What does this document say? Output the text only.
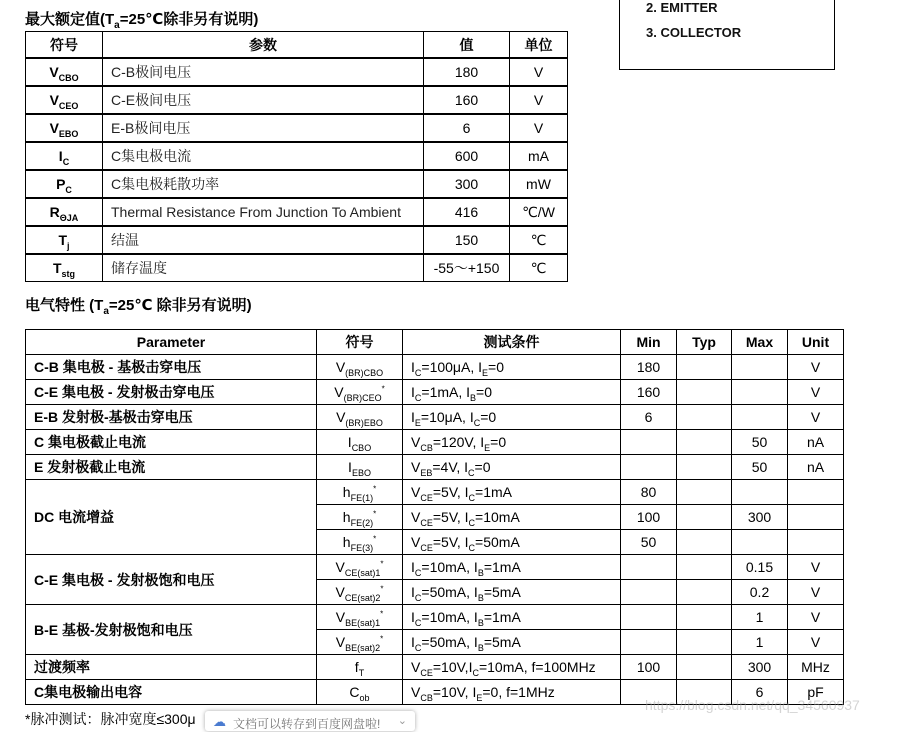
2. EMITTER
3. COLLECTOR
最大额定值($T_a=25℃$除非另有说明)
符号	参数	值	单位
$V_{CBO}$	C-B极间电压	180	V
$V_{CEO}$	C-E极间电压	160	V
$V_{EBO}$	E-B极间电压	6	V
$I_C$	C集电极电流	600	mA
$P_C$	C集电极耗散功率	300	mW
$R_{\Theta JA}$	Thermal Resistance From Junction To Ambient	416	℃/W
$T_j$	结温	150	℃
$T_{stg}$	储存温度	-55～+150	℃
电气特性 ($T_a=25℃$ 除非另有说明)
Parameter	符号	测试条件	Min	Typ	Max	Unit
C-B 集电极 - 基极击穿电压	$V_{(BR)CBO}$	$I_C=100\mu A$, $I_E=0$	180			V
C-E 集电极 - 发射极击穿电压	$V_{(BR)CEO}^*$	$I_C=1mA$, $I_B=0$	160			V
E-B 发射极-基极击穿电压	$V_{(BR)EBO}$	$I_E=10\mu A$, $I_C=0$	6			V
C 集电极截止电流	$I_{CBO}$	$V_{CB}=120V$, $I_E=0$			50	nA
E 发射极截止电流	$I_{EBO}$	$V_{EB}=4V$, $I_C=0$			50	nA
DC 电流增益	$h_{FE(1)}^*$	$V_{CE}=5V$, $I_C=1mA$	80			
	$h_{FE(2)}^*$	$V_{CE}=5V$, $I_C=10mA$	100		300	
	$h_{FE(3)}^*$	$V_{CE}=5V$, $I_C=50mA$	50			
C-E 集电极 - 发射极饱和电压	$V_{CE(sat)1}^*$	$I_C=10mA$, $I_B=1mA$			0.15	V
	$V_{CE(sat)2}^*$	$I_C=50mA$, $I_B=5mA$			0.2	V
B-E 基极-发射极饱和电压	$V_{BE(sat)1}^*$	$I_C=10mA$, $I_B=1mA$			1	V
	$V_{BE(sat)2}^*$	$I_C=50mA$, $I_B=5mA$			1	V
过渡频率	$f_T$	$V_{CE}=10V,I_C=10mA$, f=100MHz	100		300	MHz
C集电极输出电容	$C_{ob}$	$V_{CB}=10V$, $I_E=0$, f=1MHz			6	pF
*脉冲测试：脉冲宽度≤300μ ☁ 文档可以转存到百度网盘啦! ⌄
https://blog.csdn.net/qq_34560937
